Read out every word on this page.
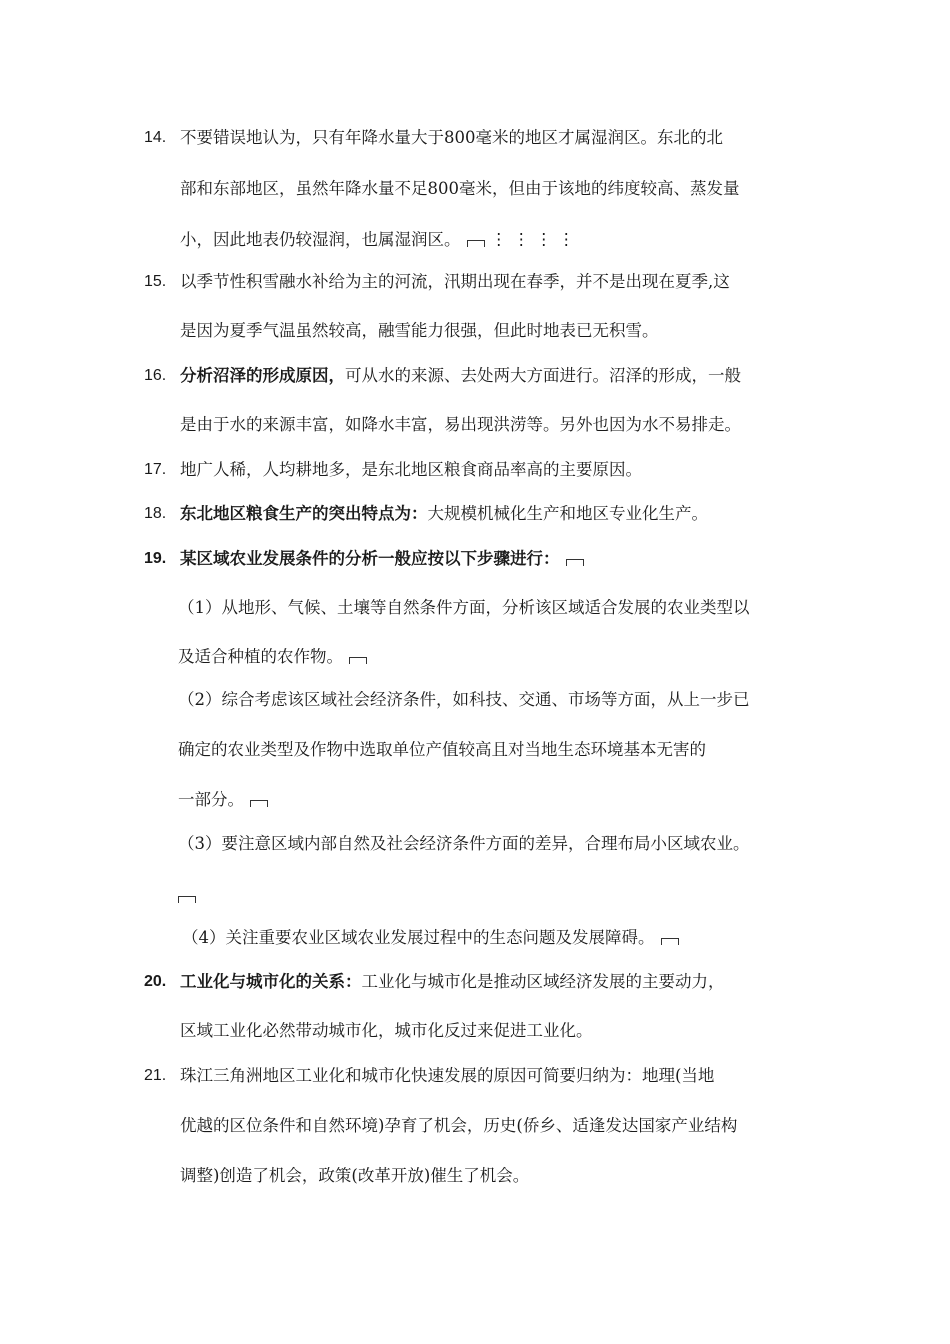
14. 不要错误地认为，只有年降水量大于800毫米的地区才属湿润区。东北的北
部和东部地区，虽然年降水量不足800毫米，但由于该地的纬度较高、蒸发量
小，因此地表仍较湿润，也属湿润区。 ⋮⋮⋮⋮
15. 以季节性积雪融水补给为主的河流，汛期出现在春季，并不是出现在夏季,这
是因为夏季气温虽然较高，融雪能力很强，但此时地表已无积雪。
16. 分析沼泽的形成原因，可从水的来源、去处两大方面进行。沼泽的形成，一般
是由于水的来源丰富，如降水丰富，易出现洪涝等。另外也因为水不易排走。
17. 地广人稀，人均耕地多，是东北地区粮食商品率高的主要原因。
18. 东北地区粮食生产的突出特点为：大规模机械化生产和地区专业化生产。
19. 某区域农业发展条件的分析一般应按以下步骤进行：
（1）从地形、气候、土壤等自然条件方面，分析该区域适合发展的农业类型以
及适合种植的农作物。
（2）综合考虑该区域社会经济条件，如科技、交通、市场等方面，从上一步已
确定的农业类型及作物中选取单位产值较高且对当地生态环境基本无害的
一部分。
（3）要注意区域内部自然及社会经济条件方面的差异，合理布局小区域农业。
（4）关注重要农业区域农业发展过程中的生态问题及发展障碍。
20. 工业化与城市化的关系：工业化与城市化是推动区域经济发展的主要动力，
区域工业化必然带动城市化，城市化反过来促进工业化。
21. 珠江三角洲地区工业化和城市化快速发展的原因可简要归纳为：地理(当地
优越的区位条件和自然环境)孕育了机会，历史(侨乡、适逢发达国家产业结构
调整)创造了机会，政策(改革开放)催生了机会。
